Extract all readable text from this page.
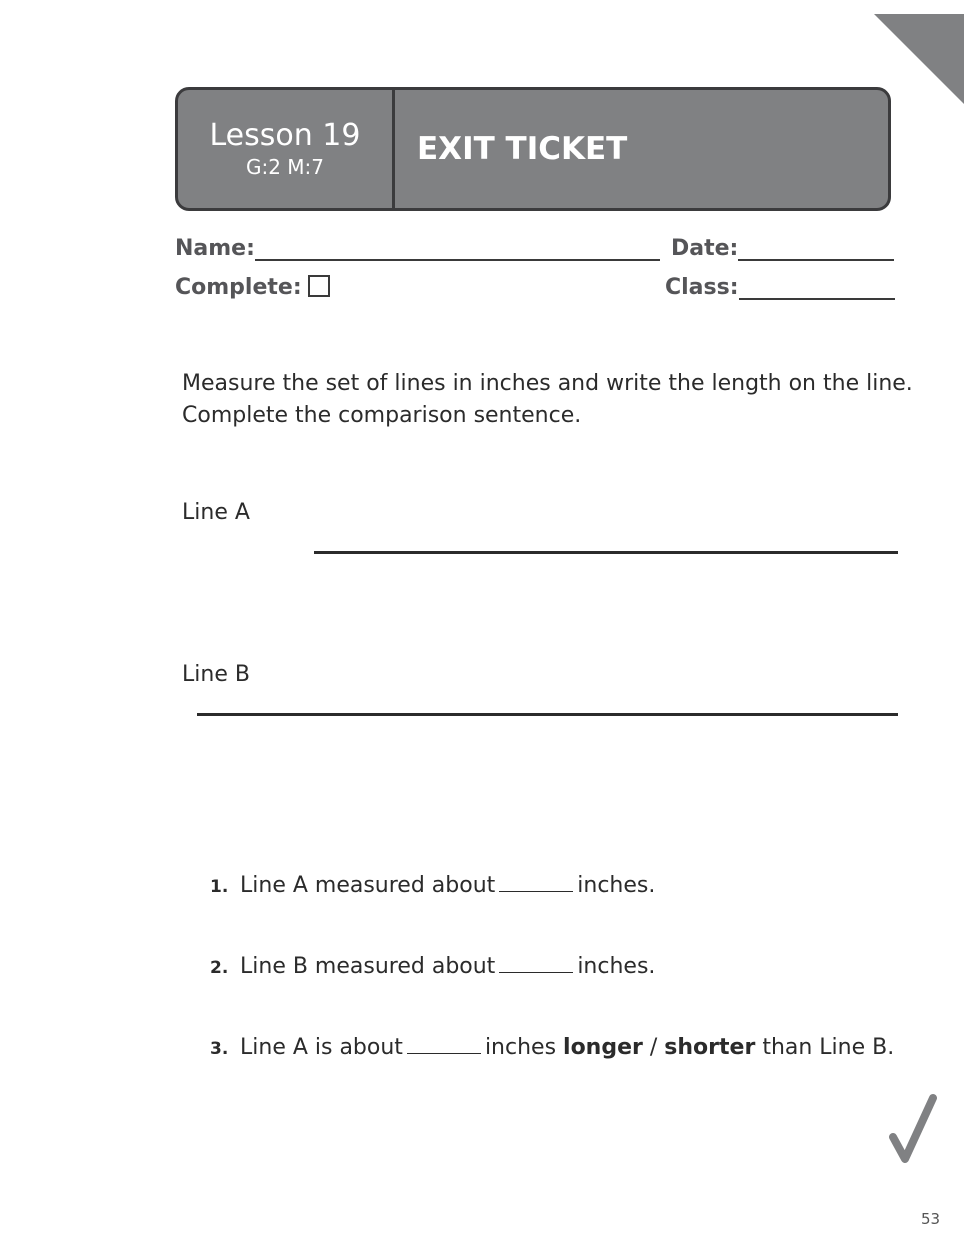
Lesson 19
G:2 M:7	EXIT TICKET
Name:	Date:
Complete:	Class:
Measure the set of lines in inches and write the length on the line.
Complete the comparison sentence.
Line A
Line B
1. Line A measured about	inches.
2. Line B measured about	inches.
3. Line A is about	inches longer / shorter than Line B.
53
